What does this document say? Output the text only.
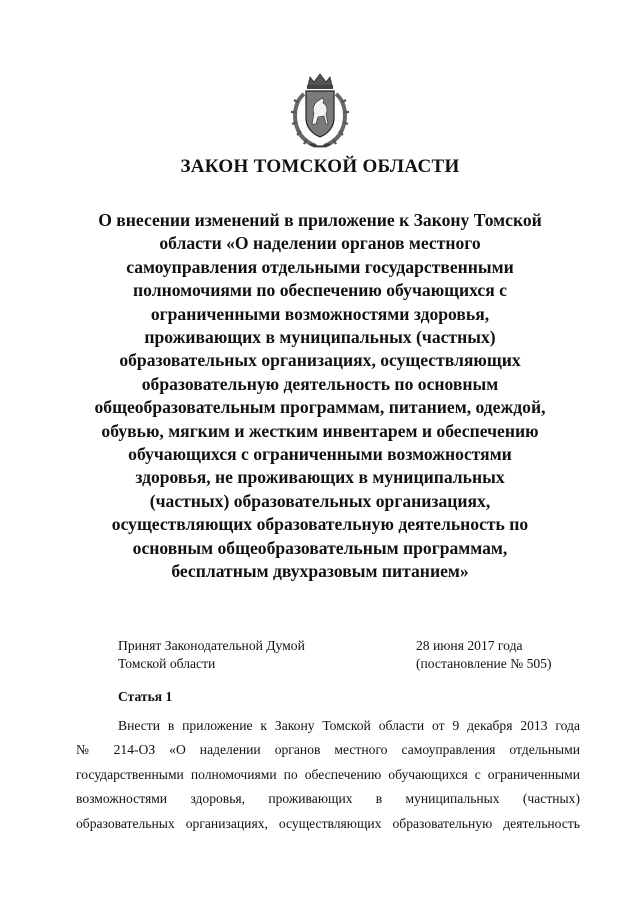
ЗАКОН ТОМСКОЙ ОБЛАСТИ
О внесении изменений в приложение к Закону Томской
области «О наделении органов местного
самоуправления отдельными государственными
полномочиями по обеспечению обучающихся с
ограниченными возможностями здоровья,
проживающих в муниципальных (частных)
образовательных организациях, осуществляющих
образовательную деятельность по основным
общеобразовательным программам, питанием, одеждой,
обувью, мягким и жестким инвентарем и обеспечению
обучающихся с ограниченными возможностями
здоровья, не проживающих в муниципальных
(частных) образовательных организациях,
осуществляющих образовательную деятельность по
основным общеобразовательным программам,
бесплатным двухразовым питанием»
Принят Законодательной Думой
Томской области
28 июня 2017 года
(постановление № 505)
Статья 1
Внести в приложение к Закону Томской области от 9 декабря 2013 года
№ 214-ОЗ «О наделении органов местного самоуправления отдельными
государственными полномочиями по обеспечению обучающихся с ограниченными
возможностями здоровья, проживающих в муниципальных (частных)
образовательных организациях, осуществляющих образовательную деятельность
